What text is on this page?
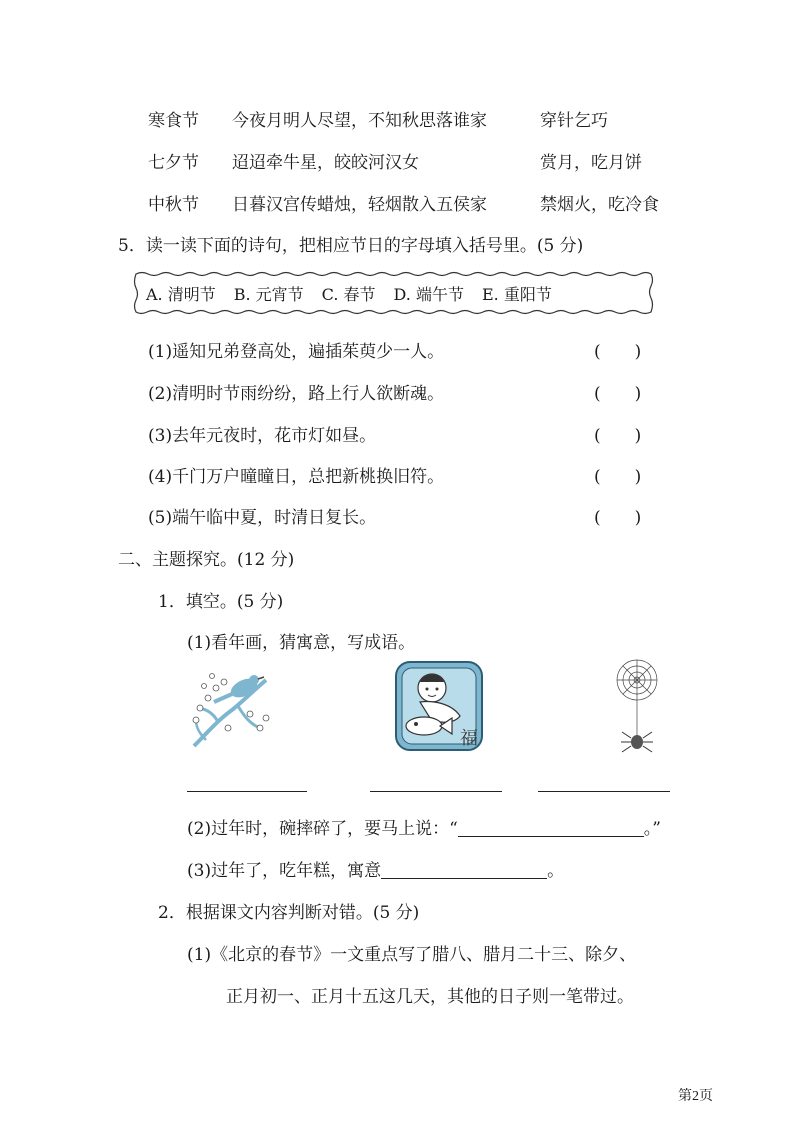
寒食节 今夜月明人尽望，不知秋思落谁家	穿针乞巧
七夕节 迢迢牵牛星，皎皎河汉女	赏月，吃月饼
中秋节 日暮汉宫传蜡烛，轻烟散入五侯家	禁烟火，吃冷食
5．读一读下面的诗句，把相应节日的字母填入括号里。(5 分)
A. 清明节 B. 元宵节 C. 春节 D. 端午节 E. 重阳节
(1)遥知兄弟登高处，遍插茱萸少一人。	(　　)
(2)清明时节雨纷纷，路上行人欲断魂。	(　　)
(3)去年元夜时，花市灯如昼。	(　　)
(4)千门万户曈曈日，总把新桃换旧符。	(　　)
(5)端午临中夏，时清日复长。	(　　)
二、主题探究。(12 分)
1．填空。(5 分)
(1)看年画，猜寓意，写成语。
福
(2)过年时，碗摔碎了，要马上说：“	。”
(3)过年了，吃年糕，寓意	。
2．根据课文内容判断对错。(5 分)
(1)《北京的春节》一文重点写了腊八、腊月二十三、除夕、
正月初一、正月十五这几天，其他的日子则一笔带过。
第2页
